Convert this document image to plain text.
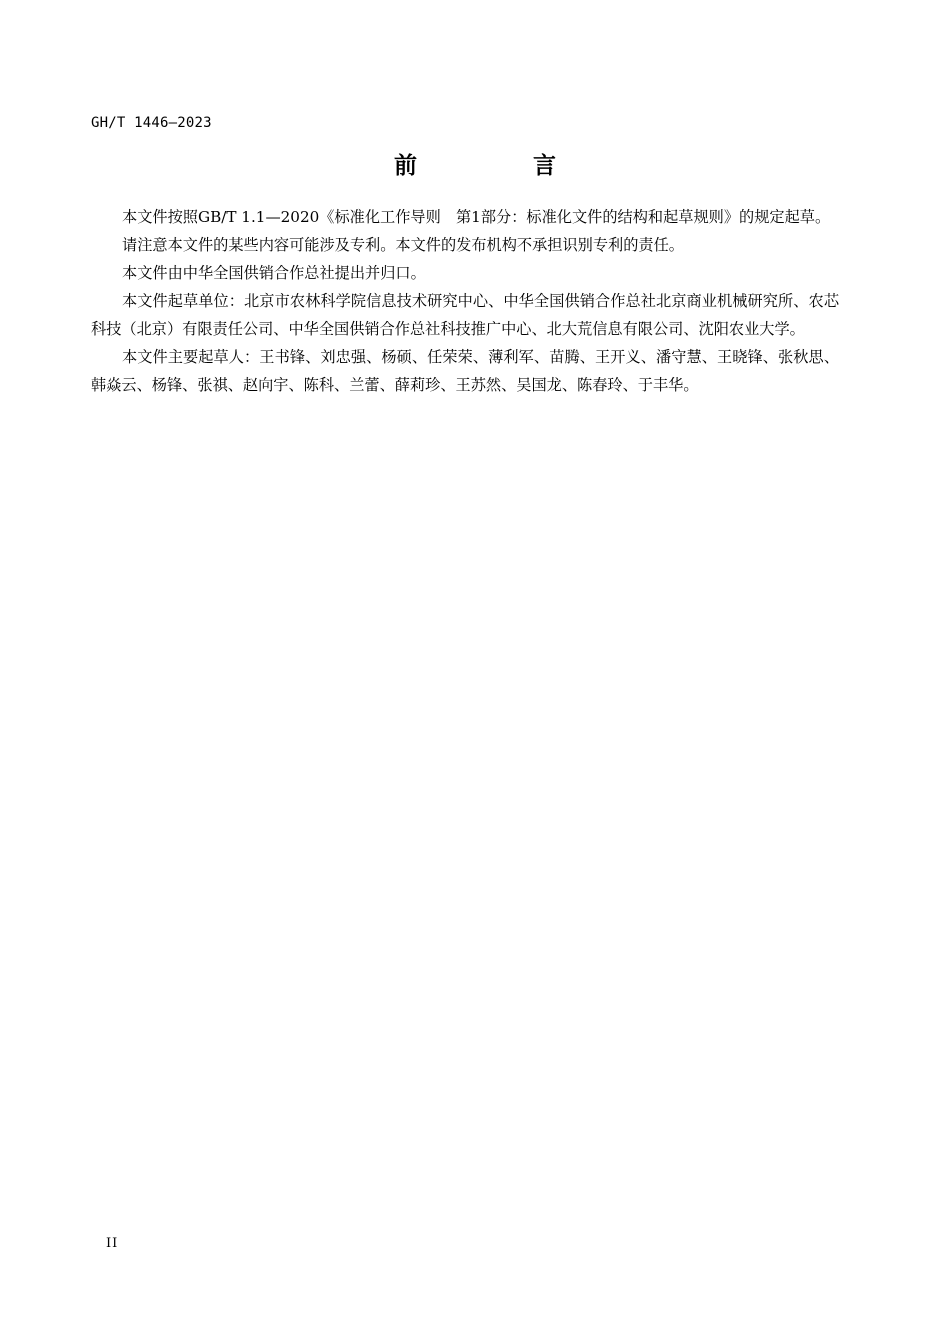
GH/T 1446—2023
前 言

本文件按照GB/T 1.1—2020《标准化工作导则　第1部分：标准化文件的结构和起草规则》的规定起草。

请注意本文件的某些内容可能涉及专利。本文件的发布机构不承担识别专利的责任。

本文件由中华全国供销合作总社提出并归口。

本文件起草单位：北京市农林科学院信息技术研究中心、中华全国供销合作总社北京商业机械研究所、农芯科技（北京）有限责任公司、中华全国供销合作总社科技推广中心、北大荒信息有限公司、沈阳农业大学。

本文件主要起草人：王书锋、刘忠强、杨硕、任荣荣、薄利军、苗腾、王开义、潘守慧、王晓锋、张秋思、韩焱云、杨锋、张祺、赵向宇、陈科、兰蕾、薛莉珍、王苏然、吴国龙、陈春玲、于丰华。

II
